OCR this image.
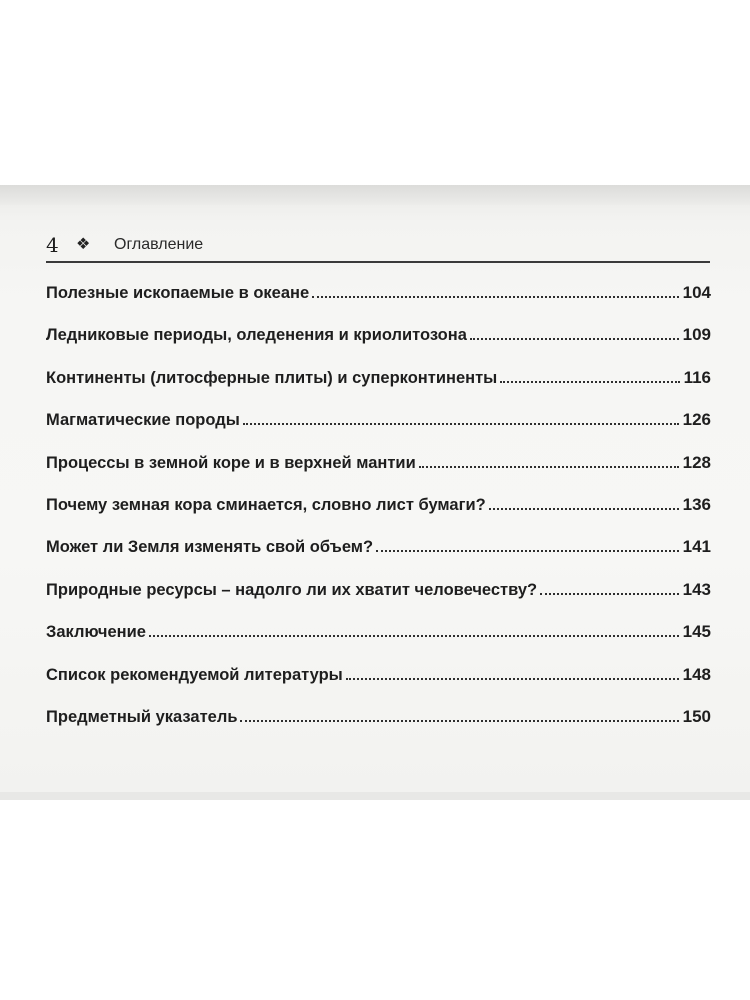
4 ❖ Оглавление
Полезные ископаемые в океане	104
Ледниковые периоды, оледенения и криолитозона	109
Континенты (литосферные плиты) и суперконтиненты	116
Магматические породы	126
Процессы в земной коре и в верхней мантии	128
Почему земная кора сминается, словно лист бумаги?	136
Может ли Земля изменять свой объем?	141
Природные ресурсы – надолго ли их хватит человечеству?	143
Заключение	145
Список рекомендуемой литературы	148
Предметный указатель	150
